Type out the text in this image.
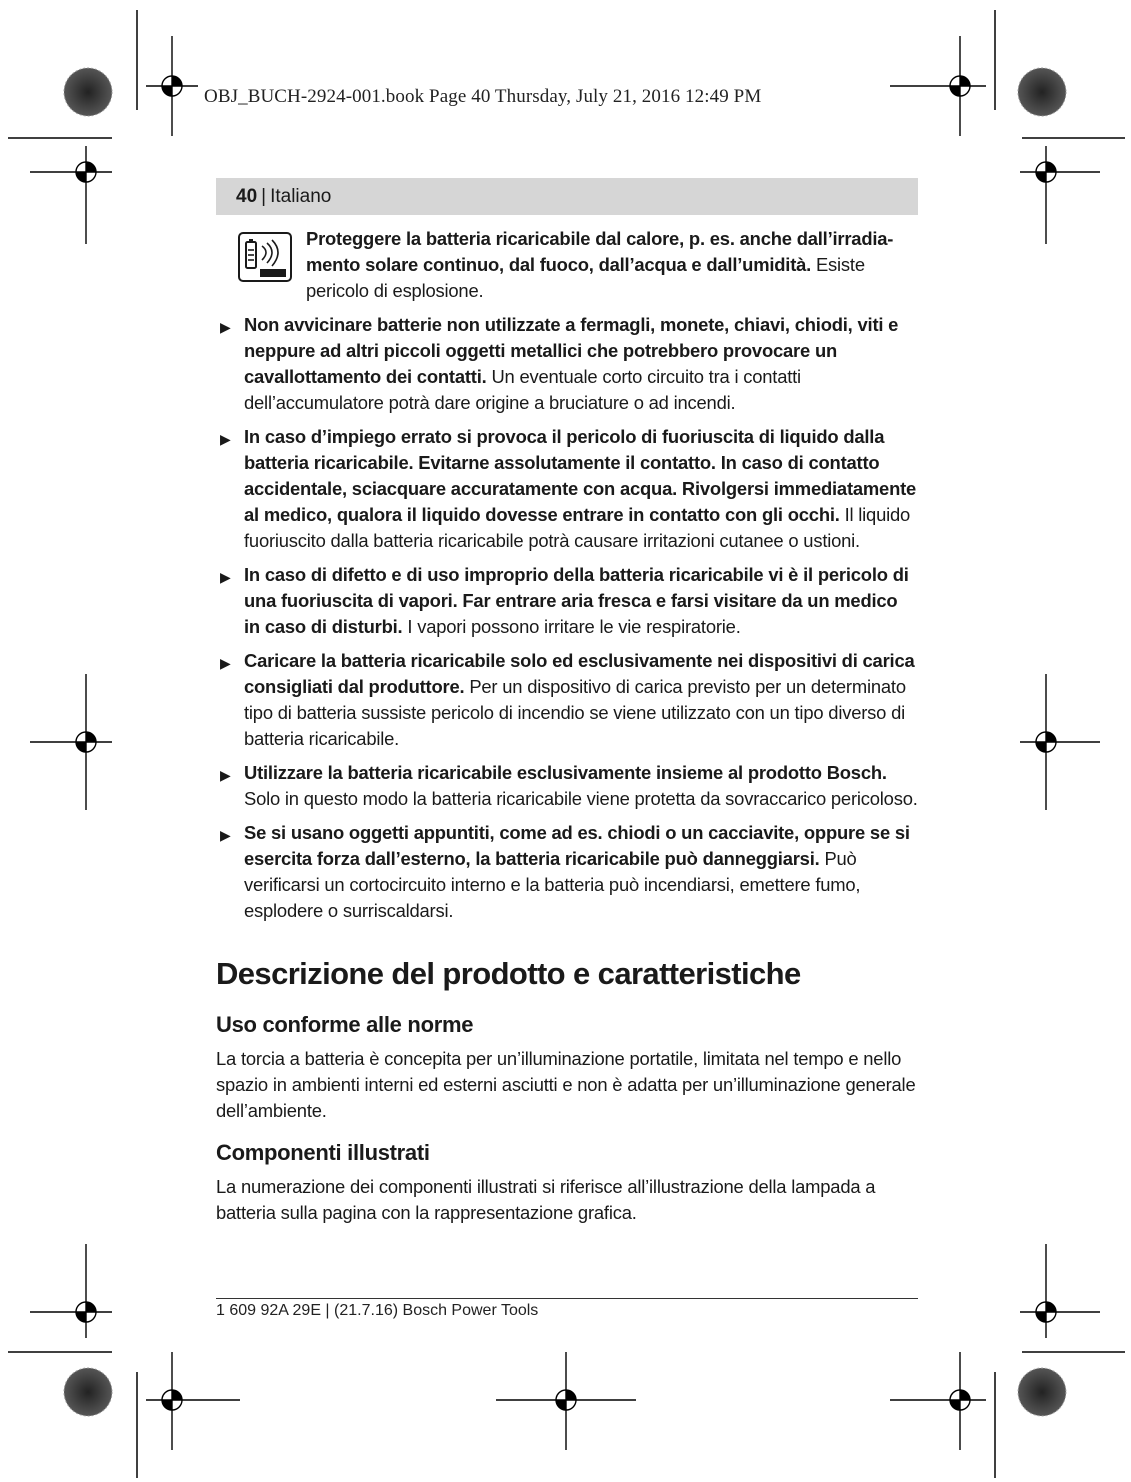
OBJ_BUCH-2924-001.book Page 40 Thursday, July 21, 2016 12:49 PM
40 | Italiano
Proteggere la batteria ricaricabile dal calore, p. es. anche dall’irradia-mento solare continuo, dal fuoco, dall’acqua e dall’umidità. Esiste pericolo di esplosione.
▶ Non avvicinare batterie non utilizzate a fermagli, monete, chiavi, chiodi, viti e neppure ad altri piccoli oggetti metallici che potrebbero provocare un cavallottamento dei contatti. Un eventuale corto circuito tra i contatti dell’accumulatore potrà dare origine a bruciature o ad incendi.
▶ In caso d’impiego errato si provoca il pericolo di fuoriuscita di liquido dalla batteria ricaricabile. Evitarne assolutamente il contatto. In caso di contatto accidentale, sciacquare accuratamente con acqua. Rivolgersi immediatamente al medico, qualora il liquido dovesse entrare in contatto con gli occhi. Il liquido fuoriuscito dalla batteria ricaricabile potrà causare irritazioni cutanee o ustioni.
▶ In caso di difetto e di uso improprio della batteria ricaricabile vi è il pericolo di una fuoriuscita di vapori. Far entrare aria fresca e farsi visitare da un medico in caso di disturbi. I vapori possono irritare le vie respiratorie.
▶ Caricare la batteria ricaricabile solo ed esclusivamente nei dispositivi di carica consigliati dal produttore. Per un dispositivo di carica previsto per un determinato tipo di batteria sussiste pericolo di incendio se viene utilizzato con un tipo diverso di batteria ricaricabile.
▶ Utilizzare la batteria ricaricabile esclusivamente insieme al prodotto Bosch. Solo in questo modo la batteria ricaricabile viene protetta da sovraccarico pericoloso.
▶ Se si usano oggetti appuntiti, come ad es. chiodi o un cacciavite, oppure se si esercita forza dall’esterno, la batteria ricaricabile può danneggiarsi. Può verificarsi un cortocircuito interno e la batteria può incendiarsi, emettere fumo, esplodere o surriscaldarsi.
Descrizione del prodotto e caratteristiche
Uso conforme alle norme

La torcia a batteria è concepita per un’illuminazione portatile, limitata nel tempo e nello spazio in ambienti interni ed esterni asciutti e non è adatta per un’illuminazione generale dell’ambiente.

Componenti illustrati

La numerazione dei componenti illustrati si riferisce all’illustrazione della lampada a batteria sulla pagina con la rappresentazione grafica.

1 609 92A 29E | (21.7.16) Bosch Power Tools
